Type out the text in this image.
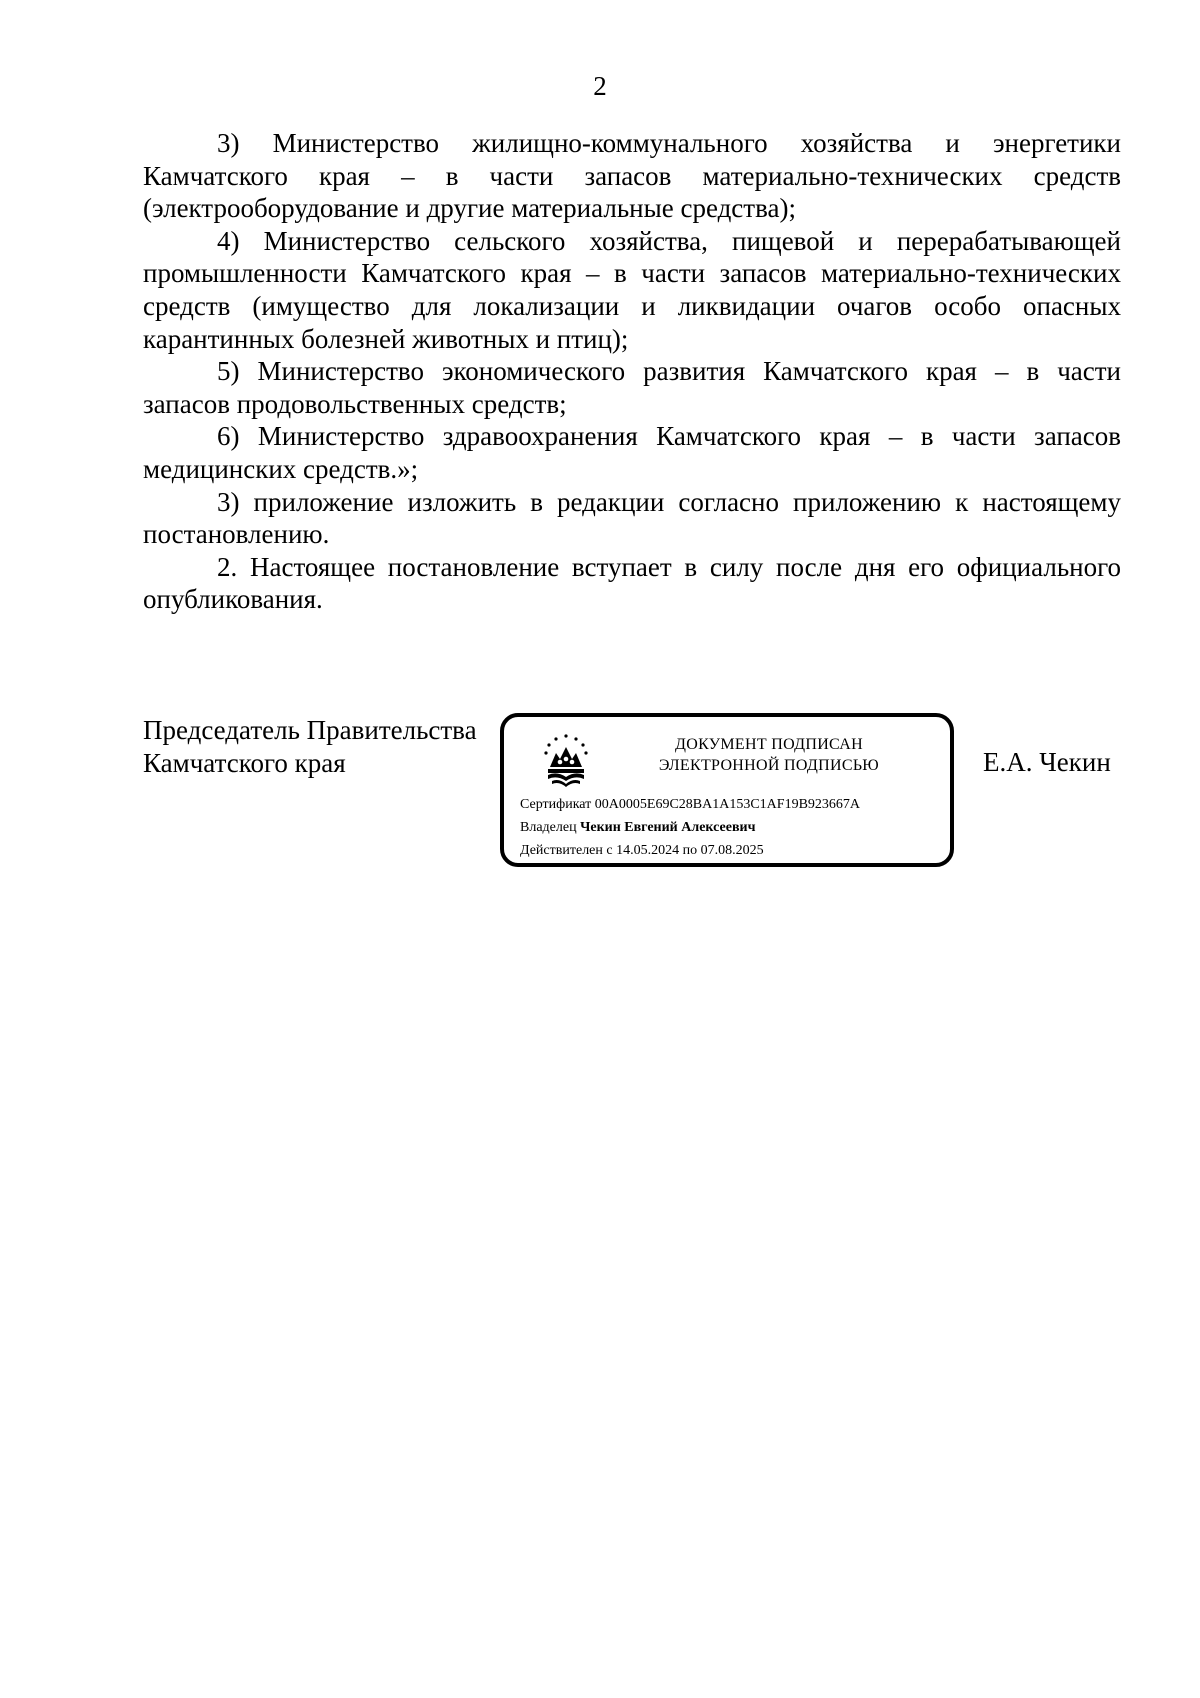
2

3) Министерство жилищно-коммунального хозяйства и энергетики Камчатского края – в части запасов материально-технических средств (электрооборудование и другие материальные средства);

4) Министерство сельского хозяйства, пищевой и перерабатывающей промышленности Камчатского края – в части запасов материально-технических средств (имущество для локализации и ликвидации очагов особо опасных карантинных болезней животных и птиц);

5) Министерство экономического развития Камчатского края – в части запасов продовольственных средств;

6) Министерство здравоохранения Камчатского края – в части запасов медицинских средств.»;

3) приложение изложить в редакции согласно приложению к настоящему постановлению.

2. Настоящее постановление вступает в силу после дня его официального опубликования.

Председатель Правительства
Камчатского края
ДОКУМЕНТ ПОДПИСАН
ЭЛЕКТРОННОЙ ПОДПИСЬЮ
Сертификат 00A0005E69C28BA1A153C1AF19B923667A
Владелец Чекин Евгений Алексеевич
Действителен с 14.05.2024 по 07.08.2025
Е.А. Чекин
